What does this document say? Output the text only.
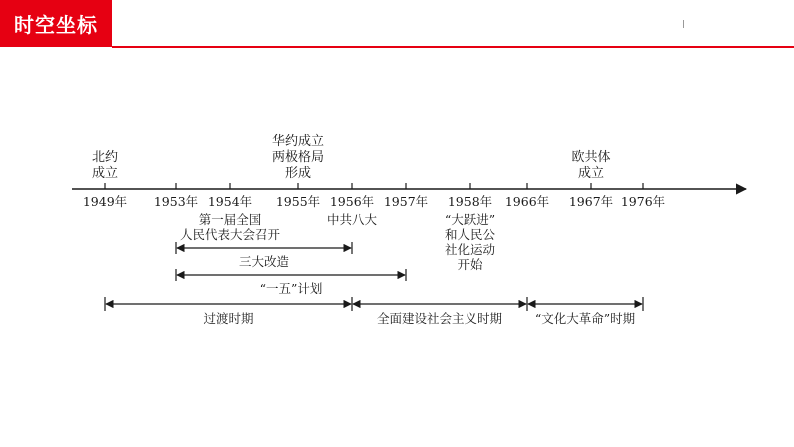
时空坐标
1949年 1953年 1954年 1955年 1956年 1957年 1958年 1966年 1967年 1976年
北约
成立
华约成立
两极格局
形成
欧共体
成立
第一届全国
人民代表大会召开
中共八大	“大跃进”
和人民公
社化运动
开始
三大改造
“一五”计划
过渡时期	全面建设社会主义时期	“文化大革命”时期
